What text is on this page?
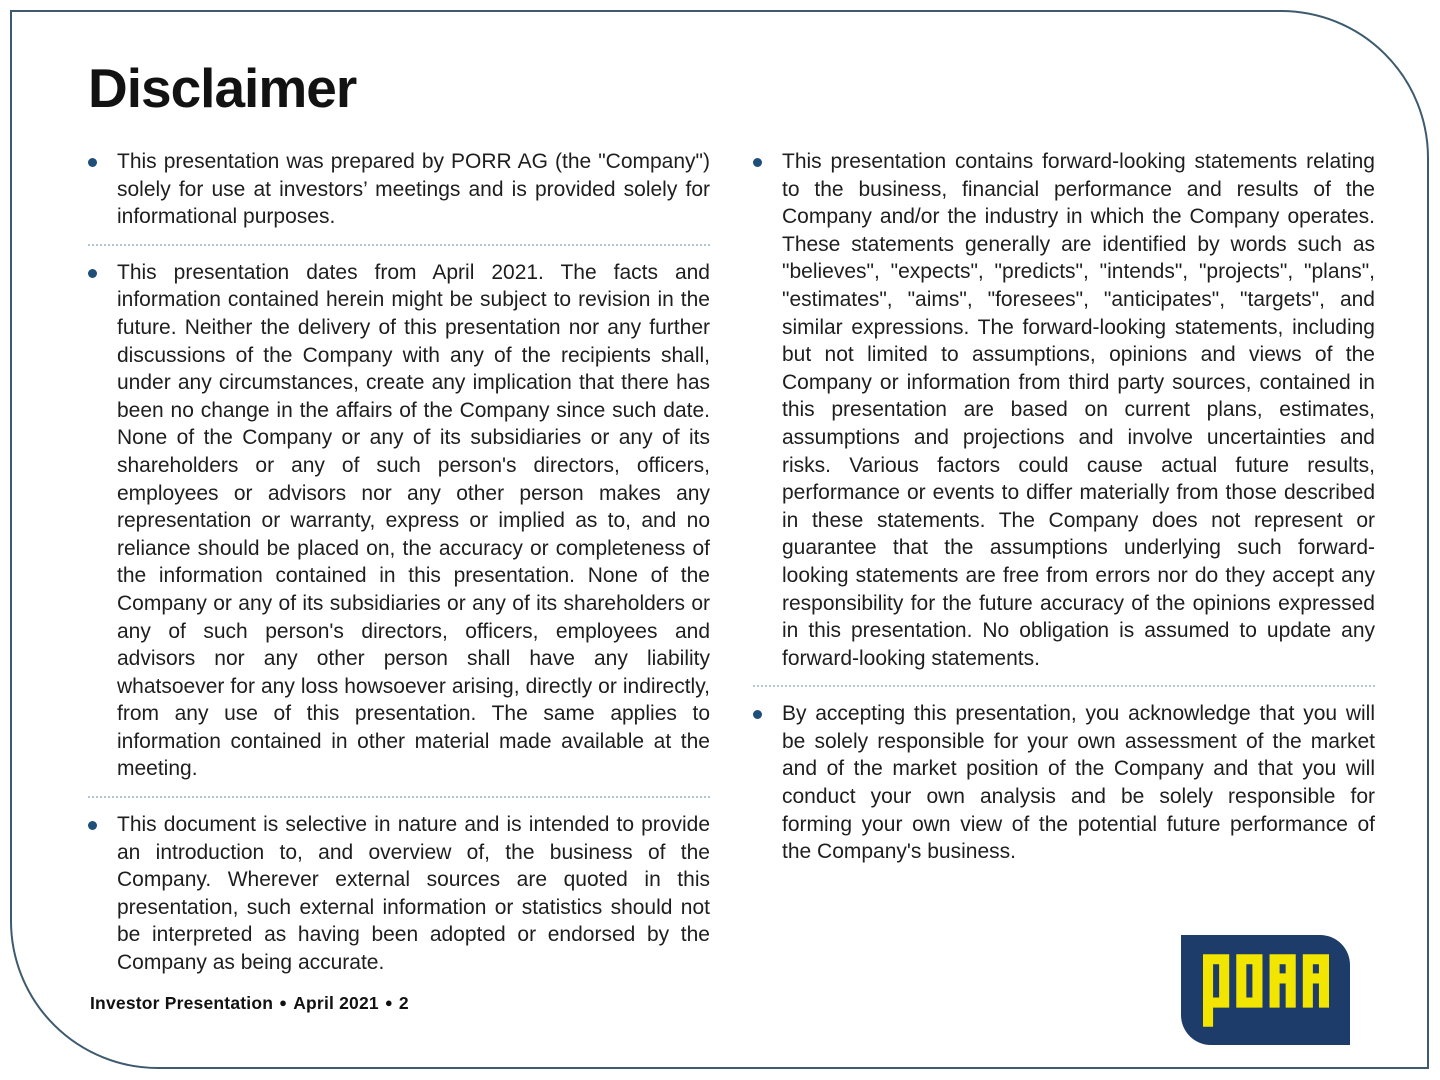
Disclaimer
This presentation was prepared by PORR AG (the "Company") solely for use at investors’ meetings and is provided solely for informational purposes.
This presentation dates from April 2021. The facts and information contained herein might be subject to revision in the future. Neither the delivery of this presentation nor any further discussions of the Company with any of the recipients shall, under any circumstances, create any implication that there has been no change in the affairs of the Company since such date. None of the Company or any of its subsidiaries or any of its shareholders or any of such person's directors, officers, employees or advisors nor any other person makes any representation or warranty, express or implied as to, and no reliance should be placed on, the accuracy or completeness of the information contained in this presentation. None of the Company or any of its subsidiaries or any of its shareholders or any of such person's directors, officers, employees and advisors nor any other person shall have any liability whatsoever for any loss howsoever arising, directly or indirectly, from any use of this presentation. The same applies to information contained in other material made available at the meeting.
This document is selective in nature and is intended to provide an introduction to, and overview of, the business of the Company. Wherever external sources are quoted in this presentation, such external information or statistics should not be interpreted as having been adopted or endorsed by the Company as being accurate.
This presentation contains forward-looking statements relating to the business, financial performance and results of the Company and/or the industry in which the Company operates. These statements generally are identified by words such as "believes", "expects", "predicts", "intends", "projects", "plans", "estimates", "aims", "foresees", "anticipates", "targets", and similar expressions. The forward-looking statements, including but not limited to assumptions, opinions and views of the Company or information from third party sources, contained in this presentation are based on current plans, estimates, assumptions and projections and involve uncertainties and risks. Various factors could cause actual future results, performance or events to differ materially from those described in these statements. The Company does not represent or guarantee that the assumptions underlying such forward-looking statements are free from errors nor do they accept any responsibility for the future accuracy of the opinions expressed in this presentation. No obligation is assumed to update any forward-looking statements.
By accepting this presentation, you acknowledge that you will be solely responsible for your own assessment of the market and of the market position of the Company and that you will conduct your own analysis and be solely responsible for forming your own view of the potential future performance of the Company's business.
Investor Presentation ● April 2021 ● 2
